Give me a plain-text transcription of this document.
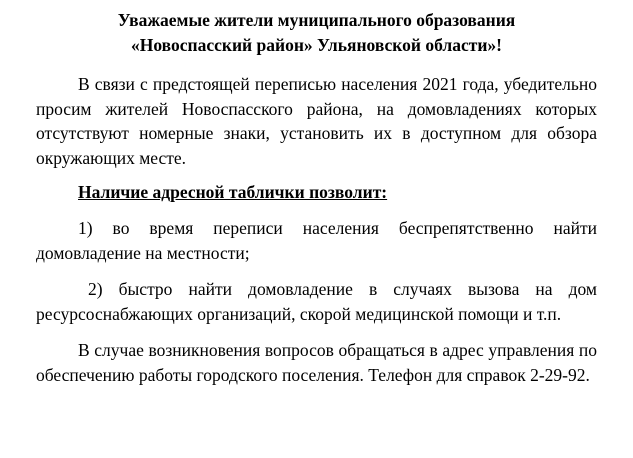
Уважаемые жители муниципального образования

«Новоспасский район» Ульяновской области»!

В связи с предстоящей переписью населения 2021 года, убедительно просим жителей Новоспасского района, на домовладениях которых отсутствуют номерные знаки, установить их в доступном для обзора окружающих месте.

Наличие адресной таблички позволит:

1) во время переписи населения беспрепятственно найти домовладение на местности;

2) быстро найти домовладение в случаях вызова на дом ресурсоснабжающих организаций, скорой медицинской помощи и т.п.

В случае возникновения вопросов обращаться в адрес управления по обеспечению работы городского поселения. Телефон для справок 2-29-92.
